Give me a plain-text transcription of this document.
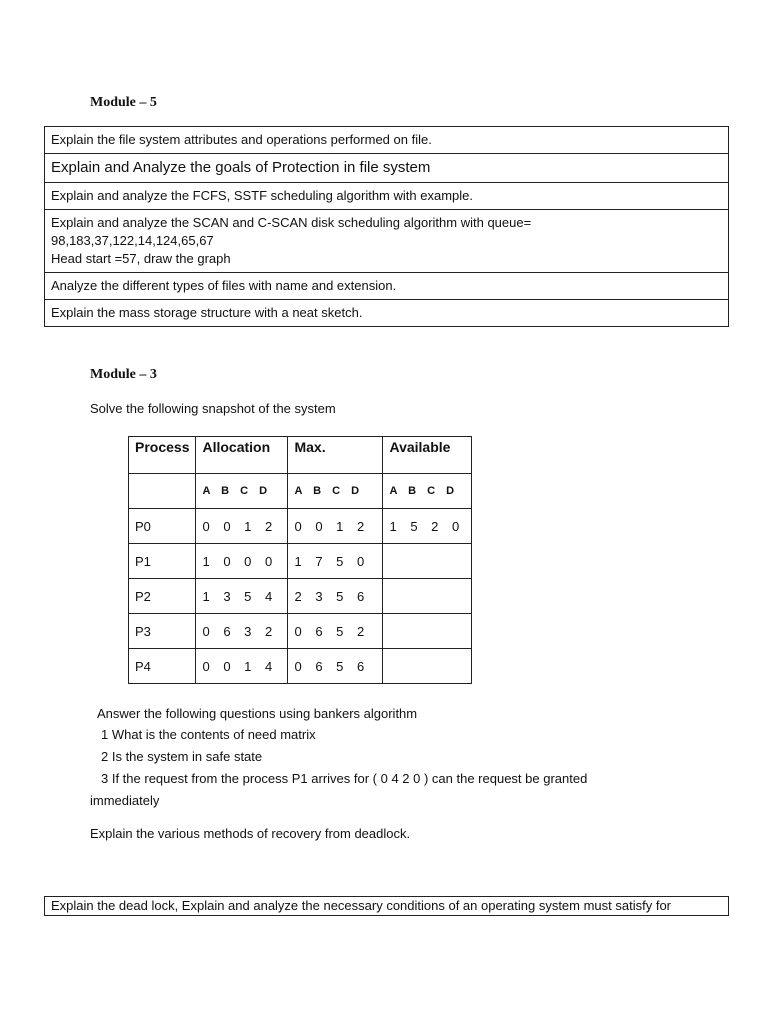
Module – 5
Explain the file system attributes and operations performed on file.
Explain and Analyze the goals of Protection in file system
Explain and analyze the FCFS, SSTF scheduling algorithm with example.

Explain and analyze the SCAN and C-SCAN disk scheduling algorithm with queue=
98,183,37,122,14,124,65,67
Head start =57, draw the graph

Analyze the different types of files with name and extension.
Explain the mass storage structure with a neat sketch.
Module – 3
Solve the following snapshot of the system
Process	Allocation	Max.	Available
	A B C D	A B C D	A B C D
P0	0 0 1 2	0 0 1 2	1 5 2 0
P1	1 0 0 0	1 7 5 0	
P2	1 3 5 4	2 3 5 6	
P3	0 6 3 2	0 6 5 2	
P4	0 0 1 4	0 6 5 6	
Answer the following questions using bankers algorithm
1 What is the contents of need matrix
2 Is the system in safe state
3 If the request from the process P1 arrives for ( 0 4 2 0 ) can the request be granted
immediately
Explain the various methods of recovery from deadlock.
Explain the dead lock, Explain and analyze the necessary conditions of an operating system must satisfy for
